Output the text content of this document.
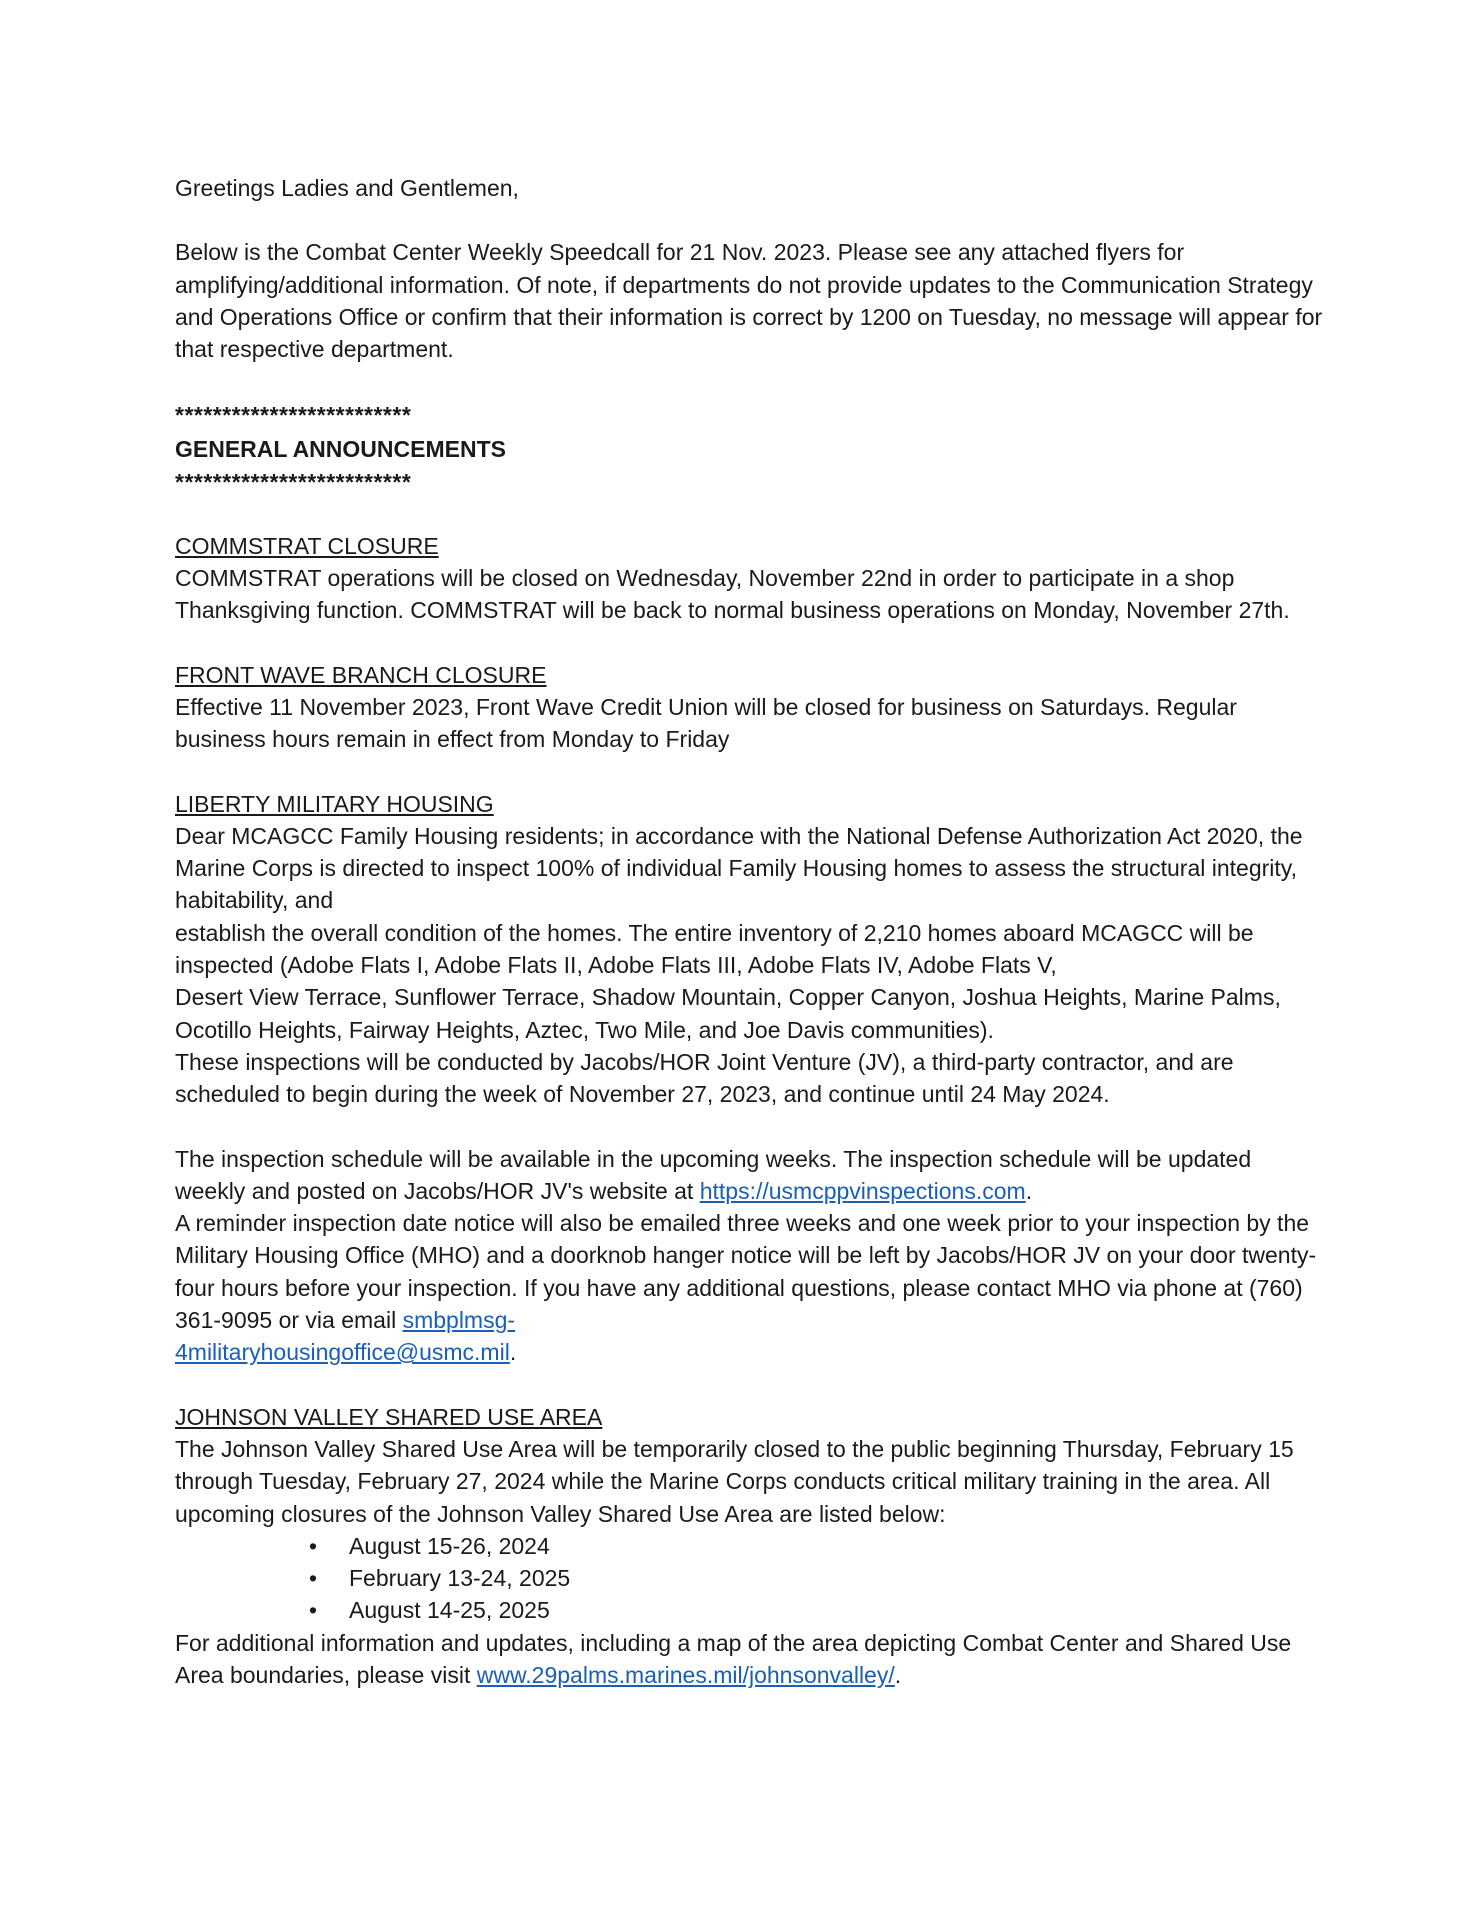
Greetings Ladies and Gentlemen,

Below is the Combat Center Weekly Speedcall for 21 Nov. 2023. Please see any attached flyers for amplifying/additional information. Of note, if departments do not provide updates to the Communication Strategy and Operations Office or confirm that their information is correct by 1200 on Tuesday, no message will appear for that respective department.

*************************

GENERAL ANNOUNCEMENTS

*************************

COMMSTRAT CLOSURE

COMMSTRAT operations will be closed on Wednesday, November 22nd in order to participate in a shop Thanksgiving function. COMMSTRAT will be back to normal business operations on Monday, November 27th.

FRONT WAVE BRANCH CLOSURE

Effective 11 November 2023, Front Wave Credit Union will be closed for business on Saturdays. Regular business hours remain in effect from Monday to Friday

LIBERTY MILITARY HOUSING

Dear MCAGCC Family Housing residents; in accordance with the National Defense Authorization Act 2020, the Marine Corps is directed to inspect 100% of individual Family Housing homes to assess the structural integrity, habitability, and

establish the overall condition of the homes. The entire inventory of 2,210 homes aboard MCAGCC will be inspected (Adobe Flats I, Adobe Flats II, Adobe Flats III, Adobe Flats IV, Adobe Flats V,

Desert View Terrace, Sunflower Terrace, Shadow Mountain, Copper Canyon, Joshua Heights, Marine Palms, Ocotillo Heights, Fairway Heights, Aztec, Two Mile, and Joe Davis communities).

These inspections will be conducted by Jacobs/HOR Joint Venture (JV), a third-party contractor, and are scheduled to begin during the week of November 27, 2023, and continue until 24 May 2024.

The inspection schedule will be available in the upcoming weeks. The inspection schedule will be updated weekly and posted on Jacobs/HOR JV's website at https://usmcppvinspections.com.

A reminder inspection date notice will also be emailed three weeks and one week prior to your inspection by the Military Housing Office (MHO) and a doorknob hanger notice will be left by Jacobs/HOR JV on your door twenty-four hours before your inspection. If you have any additional questions, please contact MHO via phone at (760) 361-9095 or via email smbplmsg-
4militaryhousingoffice@usmc.mil.

JOHNSON VALLEY SHARED USE AREA

The Johnson Valley Shared Use Area will be temporarily closed to the public beginning Thursday, February 15 through Tuesday, February 27, 2024 while the Marine Corps conducts critical military training in the area. All upcoming closures of the Johnson Valley Shared Use Area are listed below:

• August 15-26, 2024
• February 13-24, 2025
• August 14-25, 2025

For additional information and updates, including a map of the area depicting Combat Center and Shared Use Area boundaries, please visit www.29palms.marines.mil/johnsonvalley/.
